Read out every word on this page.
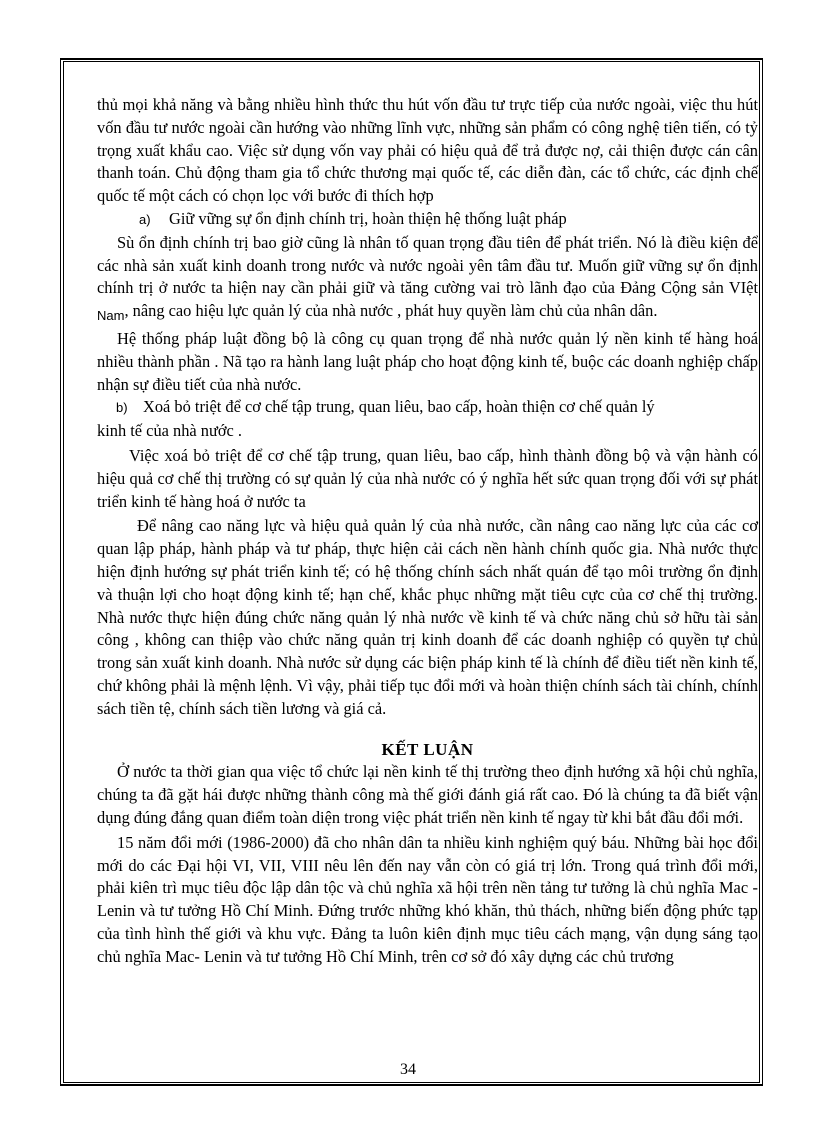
thủ mọi khả năng và bằng nhiều hình thức thu hút vốn đầu tư trực tiếp của nước ngoài, việc thu hút vốn đầu tư nước ngoài cần hướng vào những lĩnh vực, những sản phẩm có công nghệ tiên tiến, có tỷ trọng xuất khẩu cao. Việc sử dụng vốn vay phải có hiệu quả để trả được nợ, cải thiện được cán cân thanh toán. Chủ động tham gia tổ chức thương mại quốc tế, các diễn đàn, các tổ chức, các định chế quốc tế một cách có chọn lọc với bước đi thích hợp

a)	Giữ vững sự ổn định chính trị, hoàn thiện hệ thống luật pháp

Sù ổn định chính trị bao giờ cũng là nhân tố quan trọng đầu tiên để phát triển. Nó là điều kiện để các nhà sản xuất kinh doanh trong nước và nước ngoài yên tâm đầu tư. Muốn giữ vững sự ổn định chính trị ở nước ta hiện nay cần phải giữ và tăng cường vai trò lãnh đạo của Đảng Cộng sản VIệt $_{Nam}$, nâng cao hiệu lực quản lý của nhà nước , phát huy quyền làm chủ của nhân dân.

Hệ thống pháp luật đồng bộ là công cụ quan trọng để nhà nước quản lý nền kinh tế hàng hoá nhiều thành phần . Nã tạo ra hành lang luật pháp cho hoạt động kinh tế, buộc các doanh nghiệp chấp nhận sự điều tiết của nhà nước.

b) Xoá bỏ triệt để cơ chế tập trung, quan liêu, bao cấp, hoàn thiện cơ chế quản lý

kinh tế của nhà nước .

Việc xoá bỏ triệt để cơ chế tập trung, quan liêu, bao cấp, hình thành đồng bộ và vận hành có hiệu quả cơ chế thị trường có sự quản lý của nhà nước có ý nghĩa hết sức quan trọng đối với sự phát triển kinh tế hàng hoá ở nước ta

Để nâng cao năng lực và hiệu quả quản lý của nhà nước, cần nâng cao năng lực của các cơ quan lập pháp, hành pháp và tư pháp, thực hiện cải cách nền hành chính quốc gia. Nhà nước thực hiện định hướng sự phát triển kinh tế; có hệ thống chính sách nhất quán để tạo môi trường ổn định và thuận lợi cho hoạt động kinh tế; hạn chế, khắc phục những mặt tiêu cực của cơ chế thị trường. Nhà nước thực hiện đúng chức năng quản lý nhà nước về kinh tế và chức năng chủ sở hữu tài sản công , không can thiệp vào chức năng quản trị kinh doanh để các doanh nghiệp có quyền tự chủ trong sản xuất kinh doanh. Nhà nước sử dụng các biện pháp kinh tế là chính để điều tiết nền kinh tế, chứ không phải là mệnh lệnh. Vì vậy, phải tiếp tục đổi mới và hoàn thiện chính sách tài chính, chính sách tiền tệ, chính sách tiền lương và giá cả.

KẾT LUẬN

Ở nước ta thời gian qua việc tổ chức lại nền kinh tế thị trường theo định hướng xã hội chủ nghĩa, chúng ta đã gặt hái được những thành công mà thế giới đánh giá rất cao. Đó là chúng ta đã biết vận dụng đúng đắng quan điểm toàn diện trong việc phát triển nền kinh tế ngay từ khi bắt đầu đổi mới.

15 năm đổi mới (1986-2000) đã cho nhân dân ta nhiều kinh nghiệm quý báu. Những bài học đổi mới do các Đại hội VI, VII, VIII nêu lên đến nay vẫn còn có giá trị lớn. Trong quá trình đổi mới, phải kiên trì mục tiêu độc lập dân tộc và chủ nghĩa xã hội trên nền tảng tư tưởng là chủ nghĩa Mac - Lenin và tư tưởng Hồ Chí Minh. Đứng trước những khó khăn, thủ thách, những biến động phức tạp của tình hình thế giới và khu vực. Đảng ta luôn kiên định mục tiêu cách mạng, vận dụng sáng tạo chủ nghĩa Mac- Lenin và tư tưởng Hồ Chí Minh, trên cơ sở đó xây dựng các chủ trương

34
